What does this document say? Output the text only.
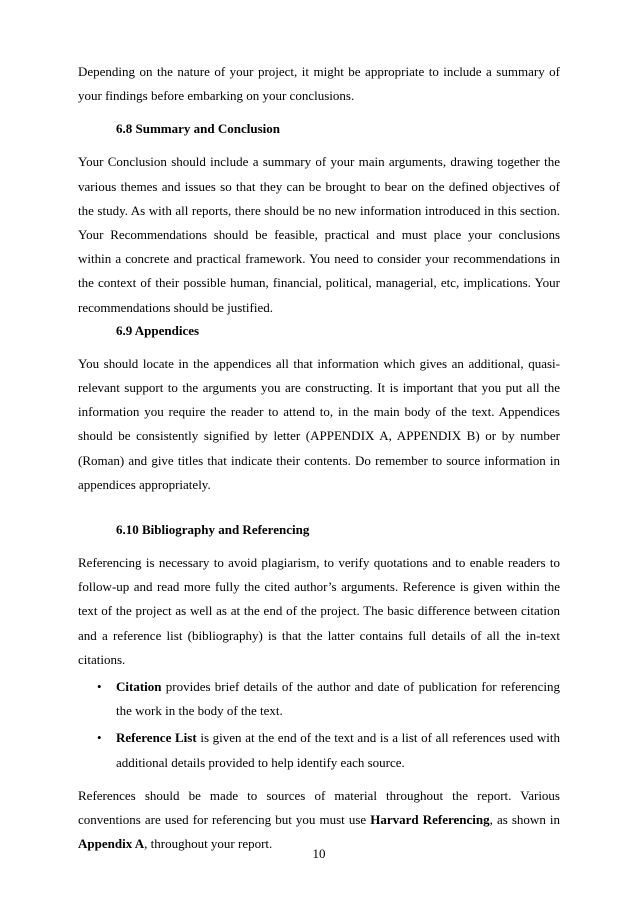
Depending on the nature of your project, it might be appropriate to include a summary of your findings before embarking on your conclusions.

6.8 Summary and Conclusion

Your Conclusion should include a summary of your main arguments, drawing together the various themes and issues so that they can be brought to bear on the defined objectives of the study. As with all reports, there should be no new information introduced in this section. Your Recommendations should be feasible, practical and must place your conclusions within a concrete and practical framework. You need to consider your recommendations in the context of their possible human, financial, political, managerial, etc, implications. Your recommendations should be justified.

6.9 Appendices

You should locate in the appendices all that information which gives an additional, quasi-relevant support to the arguments you are constructing. It is important that you put all the information you require the reader to attend to, in the main body of the text. Appendices should be consistently signified by letter (APPENDIX A, APPENDIX B) or by number (Roman) and give titles that indicate their contents. Do remember to source information in appendices appropriately.

6.10 Bibliography and Referencing

Referencing is necessary to avoid plagiarism, to verify quotations and to enable readers to follow-up and read more fully the cited author’s arguments. Reference is given within the text of the project as well as at the end of the project. The basic difference between citation and a reference list (bibliography) is that the latter contains full details of all the in-text citations.

• Citation provides brief details of the author and date of publication for referencing the work in the body of the text.
• Reference List is given at the end of the text and is a list of all references used with additional details provided to help identify each source.

References should be made to sources of material throughout the report. Various conventions are used for referencing but you must use Harvard Referencing, as shown in Appendix A, throughout your report.

10
